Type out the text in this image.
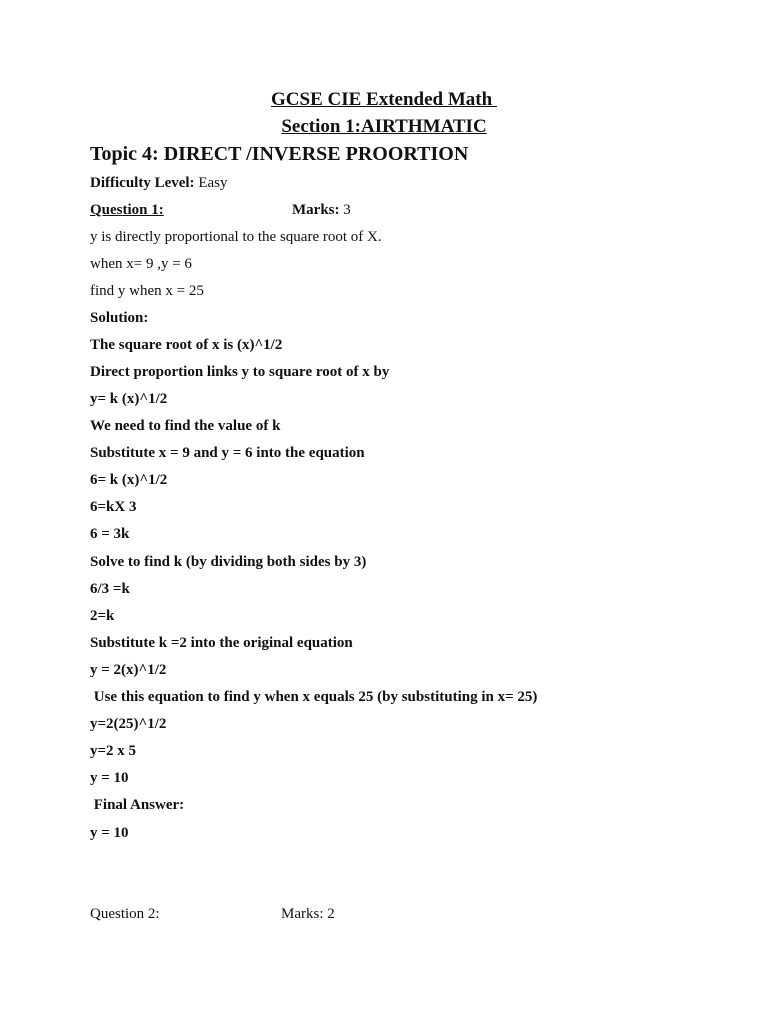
GCSE CIE Extended Math
Section 1:AIRTHMATIC
Topic 4: DIRECT /INVERSE PROORTION
Difficulty Level: Easy
Question 1:	Marks: 3
y is directly proportional to the square root of X.
when x= 9 ,y = 6
find y when x = 25
Solution:
The square root of x is (x)^1/2
Direct proportion links y to square root of x by
y= k (x)^1/2
We need to find the value of k
Substitute x = 9 and y = 6 into the equation
6= k (x)^1/2
6=kX 3
6 = 3k
Solve to find k (by dividing both sides by 3)
6/3 =k
2=k
Substitute k =2 into the original equation
y = 2(x)^1/2
Use this equation to find y when x equals 25 (by substituting in x= 25)
y=2(25)^1/2
y=2 x 5
y = 10
Final Answer:
y = 10
Question 2:	Marks: 2
